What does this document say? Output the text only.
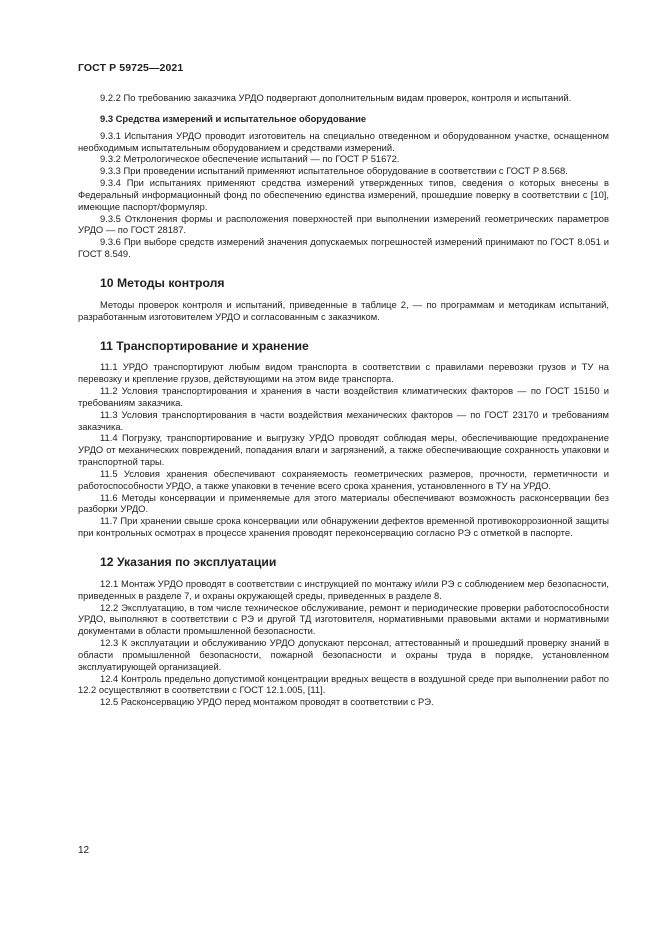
ГОСТ Р 59725—2021

9.2.2 По требованию заказчика УРДО подвергают дополнительным видам проверок, контроля и испытаний.

9.3 Средства измерений и испытательное оборудование

9.3.1 Испытания УРДО проводит изготовитель на специально отведенном и оборудованном участке, оснащенном необходимым испытательным оборудованием и средствами измерений.

9.3.2 Метрологическое обеспечение испытаний — по ГОСТ Р 51672.

9.3.3 При проведении испытаний применяют испытательное оборудование в соответствии с ГОСТ Р 8.568.

9.3.4 При испытаниях применяют средства измерений утвержденных типов, сведения о которых внесены в Федеральный информационный фонд по обеспечению единства измерений, прошедшие поверку в соответствии с [10], имеющие паспорт/формуляр.

9.3.5 Отклонения формы и расположения поверхностей при выполнении измерений геометрических параметров УРДО — по ГОСТ 28187.

9.3.6 При выборе средств измерений значения допускаемых погрешностей измерений принимают по ГОСТ 8.051 и ГОСТ 8.549.

10 Методы контроля

Методы проверок контроля и испытаний, приведенные в таблице 2, — по программам и методикам испытаний, разработанным изготовителем УРДО и согласованным с заказчиком.

11 Транспортирование и хранение

11.1 УРДО транспортируют любым видом транспорта в соответствии с правилами перевозки грузов и ТУ на перевозку и крепление грузов, действующими на этом виде транспорта.

11.2 Условия транспортирования и хранения в части воздействия климатических факторов — по ГОСТ 15150 и требованиям заказчика.

11.3 Условия транспортирования в части воздействия механических факторов — по ГОСТ 23170 и требованиям заказчика.

11.4 Погрузку, транспортирование и выгрузку УРДО проводят соблюдая меры, обеспечивающие предохранение УРДО от механических повреждений, попадания влаги и загрязнений, а также обеспечивающие сохранность упаковки и транспортной тары.

11.5 Условия хранения обеспечивают сохраняемость геометрических размеров, прочности, герметичности и работоспособности УРДО, а также упаковки в течение всего срока хранения, установленного в ТУ на УРДО.

11.6 Методы консервации и применяемые для этого материалы обеспечивают возможность расконсервации без разборки УРДО.

11.7 При хранении свыше срока консервации или обнаружении дефектов временной противокоррозионной защиты при контрольных осмотрах в процессе хранения проводят переконсервацию согласно РЭ с отметкой в паспорте.

12 Указания по эксплуатации

12.1 Монтаж УРДО проводят в соответствии с инструкцией по монтажу и/или РЭ с соблюдением мер безопасности, приведенных в разделе 7, и охраны окружающей среды, приведенных в разделе 8.

12.2 Эксплуатацию, в том числе техническое обслуживание, ремонт и периодические проверки работоспособности УРДО, выполняют в соответствии с РЭ и другой ТД изготовителя, нормативными правовыми актами и нормативными документами в области промышленной безопасности.

12.3 К эксплуатации и обслуживанию УРДО допускают персонал, аттестованный и прошедший проверку знаний в области промышленной безопасности, пожарной безопасности и охраны труда в порядке, установленном эксплуатирующей организацией.

12.4 Контроль предельно допустимой концентрации вредных веществ в воздушной среде при выполнении работ по 12.2 осуществляют в соответствии с ГОСТ 12.1.005, [11].

12.5 Расконсервацию УРДО перед монтажом проводят в соответствии с РЭ.

12
